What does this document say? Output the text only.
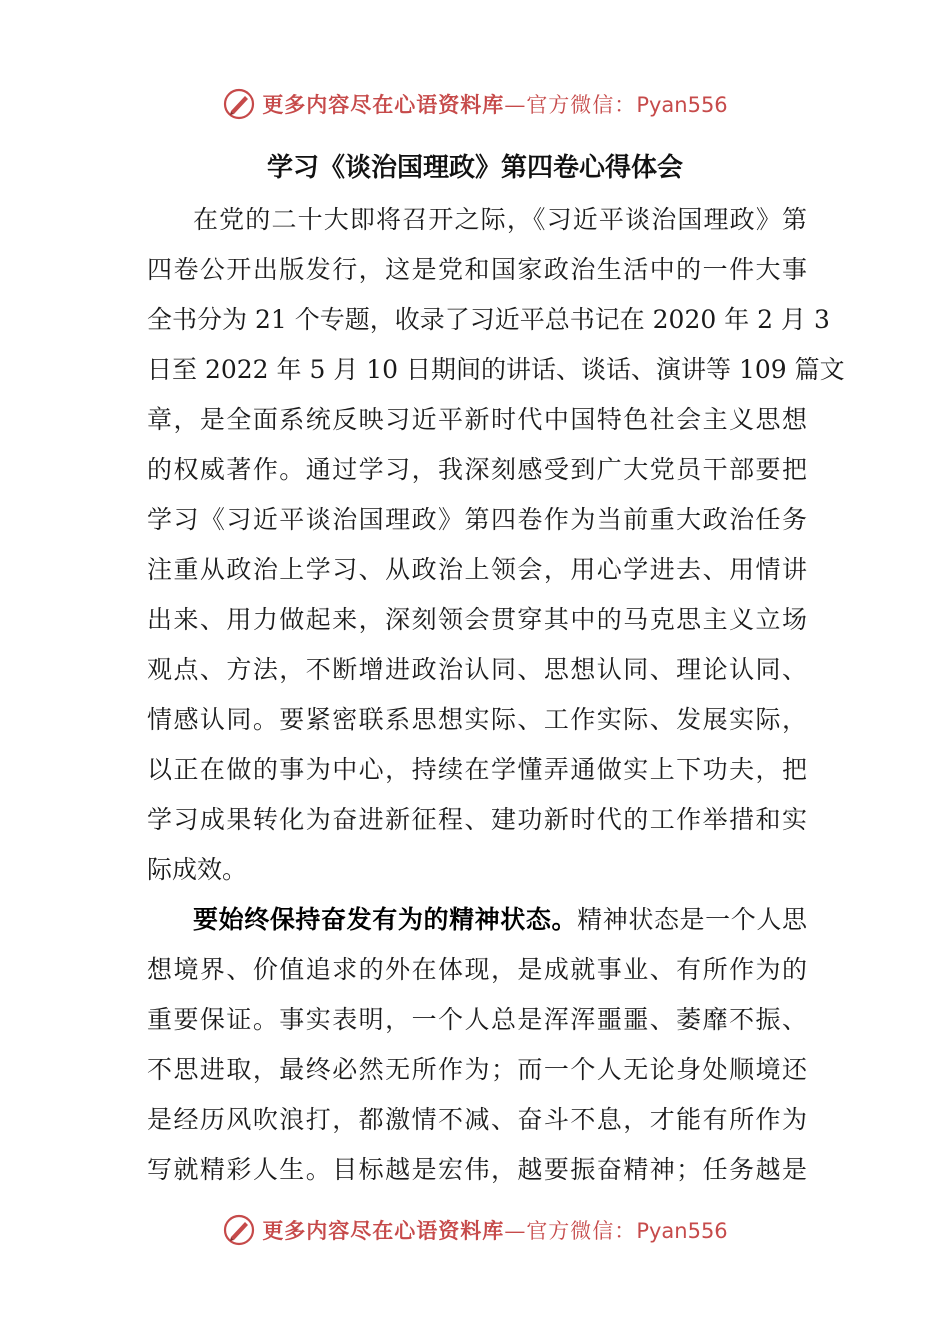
更多内容尽在心语资料库—官方微信：Pyan556
学习《谈治国理政》第四卷心得体会
在党的二十大即将召开之际，《习近平谈治国理政》第
四卷公开出版发行，这是党和国家政治生活中的一件大事
全书分为 21 个专题，收录了习近平总书记在 2020 年 2 月 3
日至 2022 年 5 月 10 日期间的讲话、谈话、演讲等 109 篇文
章，是全面系统反映习近平新时代中国特色社会主义思想
的权威著作。通过学习，我深刻感受到广大党员干部要把
学习《习近平谈治国理政》第四卷作为当前重大政治任务
注重从政治上学习、从政治上领会，用心学进去、用情讲
出来、用力做起来，深刻领会贯穿其中的马克思主义立场
观点、方法，不断增进政治认同、思想认同、理论认同、
情感认同。要紧密联系思想实际、工作实际、发展实际，
以正在做的事为中心，持续在学懂弄通做实上下功夫，把
学习成果转化为奋进新征程、建功新时代的工作举措和实
际成效。
要始终保持奋发有为的精神状态。精神状态是一个人思
想境界、价值追求的外在体现，是成就事业、有所作为的
重要保证。事实表明，一个人总是浑浑噩噩、萎靡不振、
不思进取，最终必然无所作为；而一个人无论身处顺境还
是经历风吹浪打，都激情不减、奋斗不息，才能有所作为
写就精彩人生。目标越是宏伟，越要振奋精神；任务越是
更多内容尽在心语资料库—官方微信：Pyan556
